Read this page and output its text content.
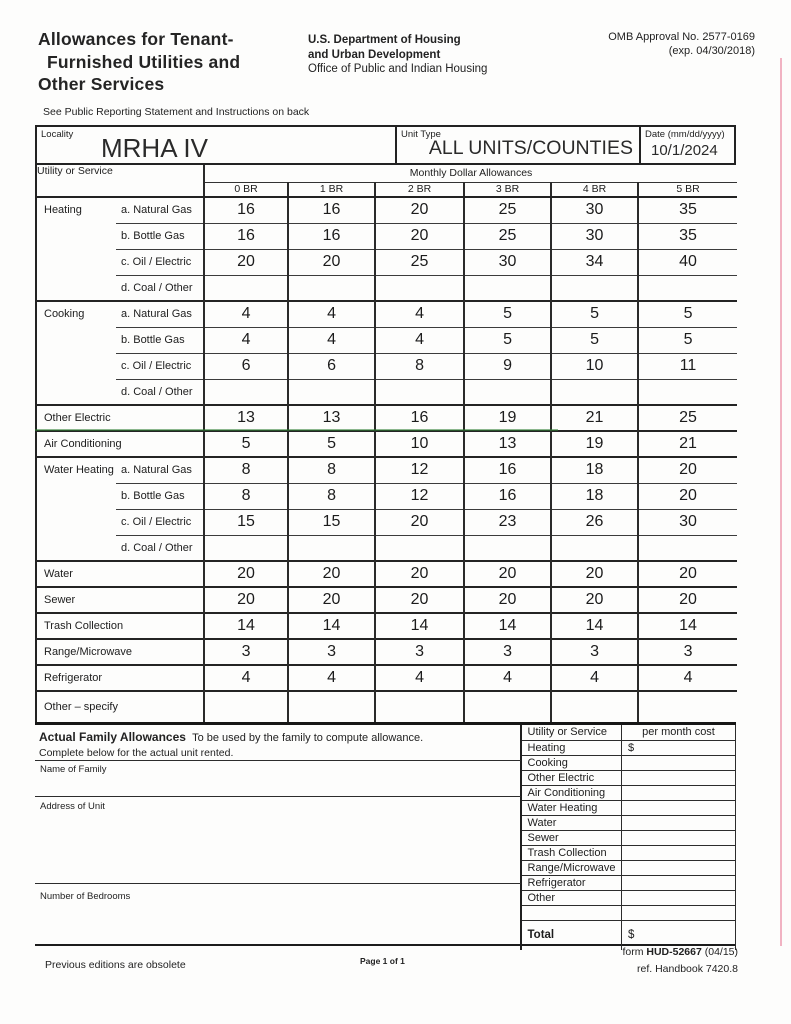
Allowances for Tenant-
Furnished Utilities and
Other Services
U.S. Department of Housing
and Urban Development
Office of Public and Indian Housing
OMB Approval No. 2577-0169
(exp. 04/30/2018)
See Public Reporting Statement and Instructions on back
Locality MRHA IV	Unit Type
ALL UNITS/COUNTIES
Date (mm/dd/yyyy)
10/1/2024
Utility or Service		Monthly Dollar Allowances					
		0 BR	1 BR	2 BR	3 BR	4 BR	5 BR
Heating	a. Natural Gas	16	16	20	25	30	35
	b. Bottle Gas	16	16	20	25	30	35
	c. Oil / Electric	20	20	25	30	34	40
	d. Coal / Other						
Cooking	a. Natural Gas	4	4	4	5	5	5
	b. Bottle Gas	4	4	4	5	5	5
	c. Oil / Electric	6	6	8	9	10	11
	d. Coal / Other						
Other Electric		13	13	16	19	21	25
Air Conditioning		5	5	10	13	19	21
Water Heating	a. Natural Gas	8	8	12	16	18	20
	b. Bottle Gas	8	8	12	16	18	20
	c. Oil / Electric	15	15	20	23	26	30
	d. Coal / Other						
Water		20	20	20	20	20	20
Sewer		20	20	20	20	20	20
Trash Collection		14	14	14	14	14	14
Range/Microwave		3	3	3	3	3	3
Refrigerator		4	4	4	4	4	4
Other – specify							
Actual Family Allowances To be used by the family to compute allowance.
Complete below for the actual unit rented.
Name of Family
Address of Unit
Number of Bedrooms
Utility or Service	per month cost
Heating	$
Cooking	
Other Electric	
Air Conditioning	
Water Heating	
Water	
Sewer	
Trash Collection	
Range/Microwave	
Refrigerator	
Other	

Total	$
Previous editions are obsolete	Page 1 of 1
form HUD-52667 (04/15)
ref. Handbook 7420.8
